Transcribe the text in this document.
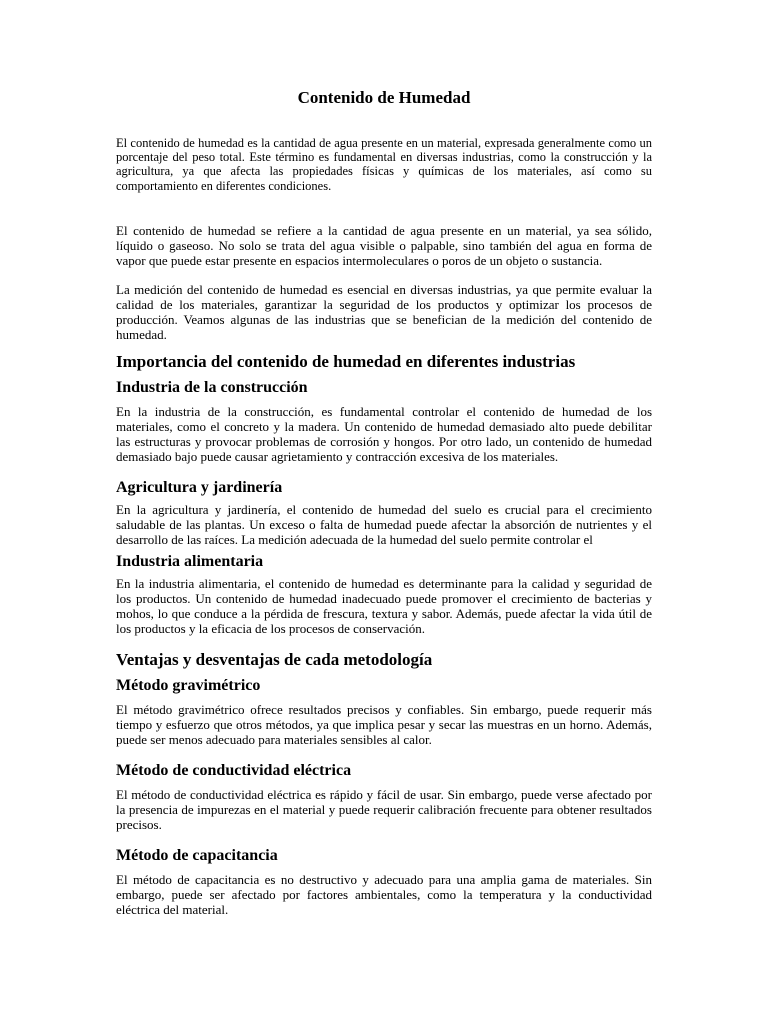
Contenido de Humedad

El contenido de humedad es la cantidad de agua presente en un material, expresada generalmente como un porcentaje del peso total. Este término es fundamental en diversas industrias, como la construcción y la agricultura, ya que afecta las propiedades físicas y químicas de los materiales, así como su comportamiento en diferentes condiciones.

El contenido de humedad se refiere a la cantidad de agua presente en un material, ya sea sólido, líquido o gaseoso. No solo se trata del agua visible o palpable, sino también del agua en forma de vapor que puede estar presente en espacios intermoleculares o poros de un objeto o sustancia.

La medición del contenido de humedad es esencial en diversas industrias, ya que permite evaluar la calidad de los materiales, garantizar la seguridad de los productos y optimizar los procesos de producción. Veamos algunas de las industrias que se benefician de la medición del contenido de humedad.

Importancia del contenido de humedad en diferentes industrias
Industria de la construcción

En la industria de la construcción, es fundamental controlar el contenido de humedad de los materiales, como el concreto y la madera. Un contenido de humedad demasiado alto puede debilitar las estructuras y provocar problemas de corrosión y hongos. Por otro lado, un contenido de humedad demasiado bajo puede causar agrietamiento y contracción excesiva de los materiales.

Agricultura y jardinería

En la agricultura y jardinería, el contenido de humedad del suelo es crucial para el crecimiento saludable de las plantas. Un exceso o falta de humedad puede afectar la absorción de nutrientes y el desarrollo de las raíces. La medición adecuada de la humedad del suelo permite controlar el

Industria alimentaria

En la industria alimentaria, el contenido de humedad es determinante para la calidad y seguridad de los productos. Un contenido de humedad inadecuado puede promover el crecimiento de bacterias y mohos, lo que conduce a la pérdida de frescura, textura y sabor. Además, puede afectar la vida útil de los productos y la eficacia de los procesos de conservación.

Ventajas y desventajas de cada metodología
Método gravimétrico

El método gravimétrico ofrece resultados precisos y confiables. Sin embargo, puede requerir más tiempo y esfuerzo que otros métodos, ya que implica pesar y secar las muestras en un horno. Además, puede ser menos adecuado para materiales sensibles al calor.

Método de conductividad eléctrica

El método de conductividad eléctrica es rápido y fácil de usar. Sin embargo, puede verse afectado por la presencia de impurezas en el material y puede requerir calibración frecuente para obtener resultados precisos.

Método de capacitancia

El método de capacitancia es no destructivo y adecuado para una amplia gama de materiales. Sin embargo, puede ser afectado por factores ambientales, como la temperatura y la conductividad eléctrica del material.
